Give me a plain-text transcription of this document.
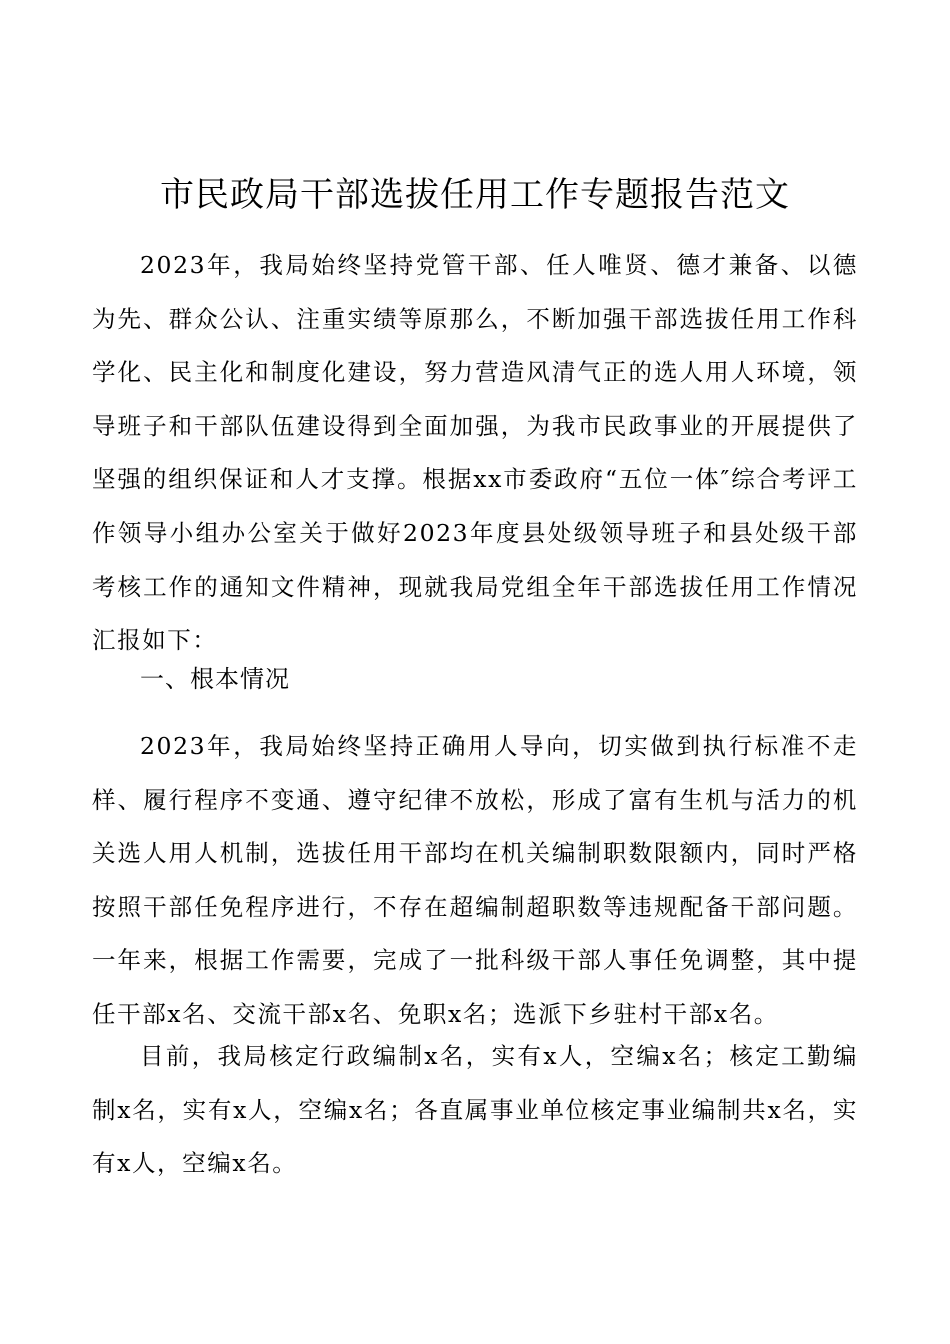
市民政局干部选拔任用工作专题报告范文

2023年，我局始终坚持党管干部、任人唯贤、德才兼备、以德为先、群众公认、注重实绩等原那么，不断加强干部选拔任用工作科学化、民主化和制度化建设，努力营造风清气正的选人用人环境，领导班子和干部队伍建设得到全面加强，为我市民政事业的开展提供了坚强的组织保证和人才支撑。根据xx市委政府“五位一体″综合考评工作领导小组办公室关于做好2023年度县处级领导班子和县处级干部考核工作的通知文件精神，现就我局党组全年干部选拔任用工作情况汇报如下：

一、根本情况

2023年，我局始终坚持正确用人导向，切实做到执行标准不走样、履行程序不变通、遵守纪律不放松，形成了富有生机与活力的机关选人用人机制，选拔任用干部均在机关编制职数限额内，同时严格按照干部任免程序进行，不存在超编制超职数等违规配备干部问题。一年来，根据工作需要，完成了一批科级干部人事任免调整，其中提任干部x名、交流干部x名、免职x名；选派下乡驻村干部x名。

目前，我局核定行政编制x名，实有x人，空编x名；核定工勤编制x名，实有x人，空编x名；各直属事业单位核定事业编制共x名，实有x人，空编x名。
